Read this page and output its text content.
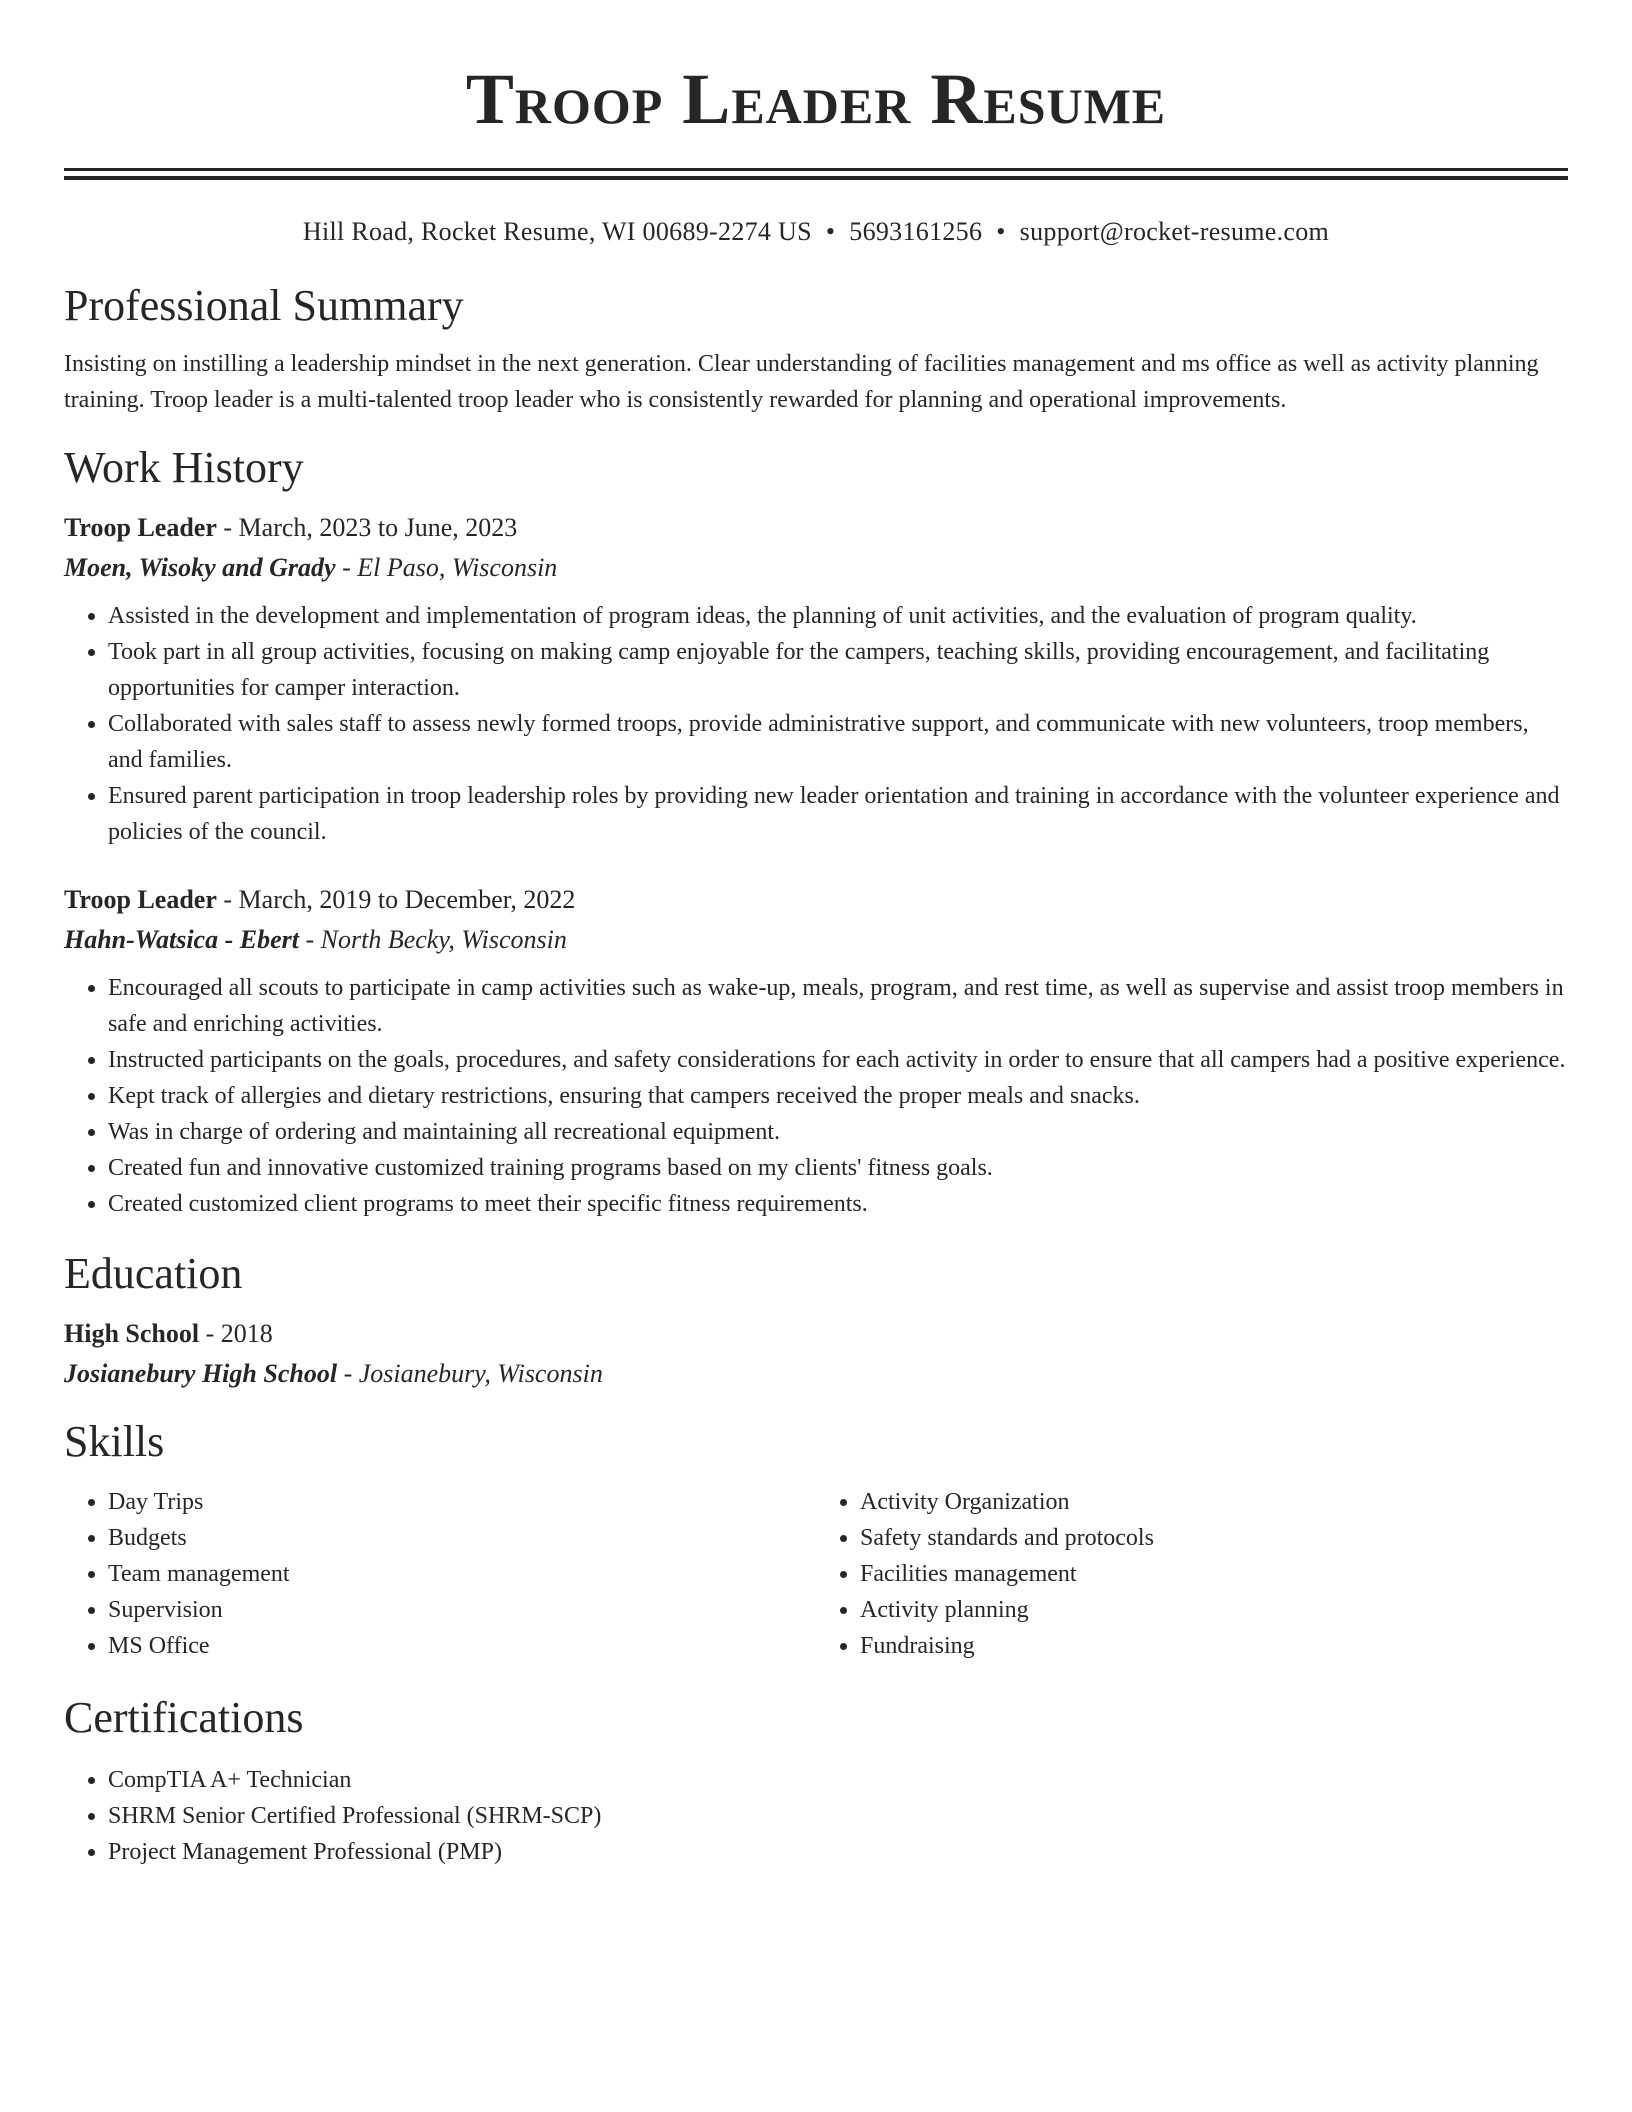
Troop Leader Resume
Hill Road, Rocket Resume, WI 00689-2274 US • 5693161256 • support@rocket-resume.com
Professional Summary

Insisting on instilling a leadership mindset in the next generation. Clear understanding of facilities management and ms office as well as activity planning training. Troop leader is a multi-talented troop leader who is consistently rewarded for planning and operational improvements.

Work History
Troop Leader - March, 2023 to June, 2023
Moen, Wisoky and Grady - El Paso, Wisconsin
• Assisted in the development and implementation of program ideas, the planning of unit activities, and the evaluation of program quality.
• Took part in all group activities, focusing on making camp enjoyable for the campers, teaching skills, providing encouragement, and facilitating opportunities for camper interaction.
• Collaborated with sales staff to assess newly formed troops, provide administrative support, and communicate with new volunteers, troop members, and families.
• Ensured parent participation in troop leadership roles by providing new leader orientation and training in accordance with the volunteer experience and policies of the council.
Troop Leader - March, 2019 to December, 2022
Hahn-Watsica - Ebert - North Becky, Wisconsin
• Encouraged all scouts to participate in camp activities such as wake-up, meals, program, and rest time, as well as supervise and assist troop members in safe and enriching activities.
• Instructed participants on the goals, procedures, and safety considerations for each activity in order to ensure that all campers had a positive experience.
• Kept track of allergies and dietary restrictions, ensuring that campers received the proper meals and snacks.
• Was in charge of ordering and maintaining all recreational equipment.
• Created fun and innovative customized training programs based on my clients' fitness goals.
• Created customized client programs to meet their specific fitness requirements.
Education
High School - 2018
Josianebury High School - Josianebury, Wisconsin
Skills
• Day Trips
• Budgets
• Team management
• Supervision
• MS Office
• Activity Organization
• Safety standards and protocols
• Facilities management
• Activity planning
• Fundraising
Certifications
• CompTIA A+ Technician
• SHRM Senior Certified Professional (SHRM-SCP)
• Project Management Professional (PMP)
